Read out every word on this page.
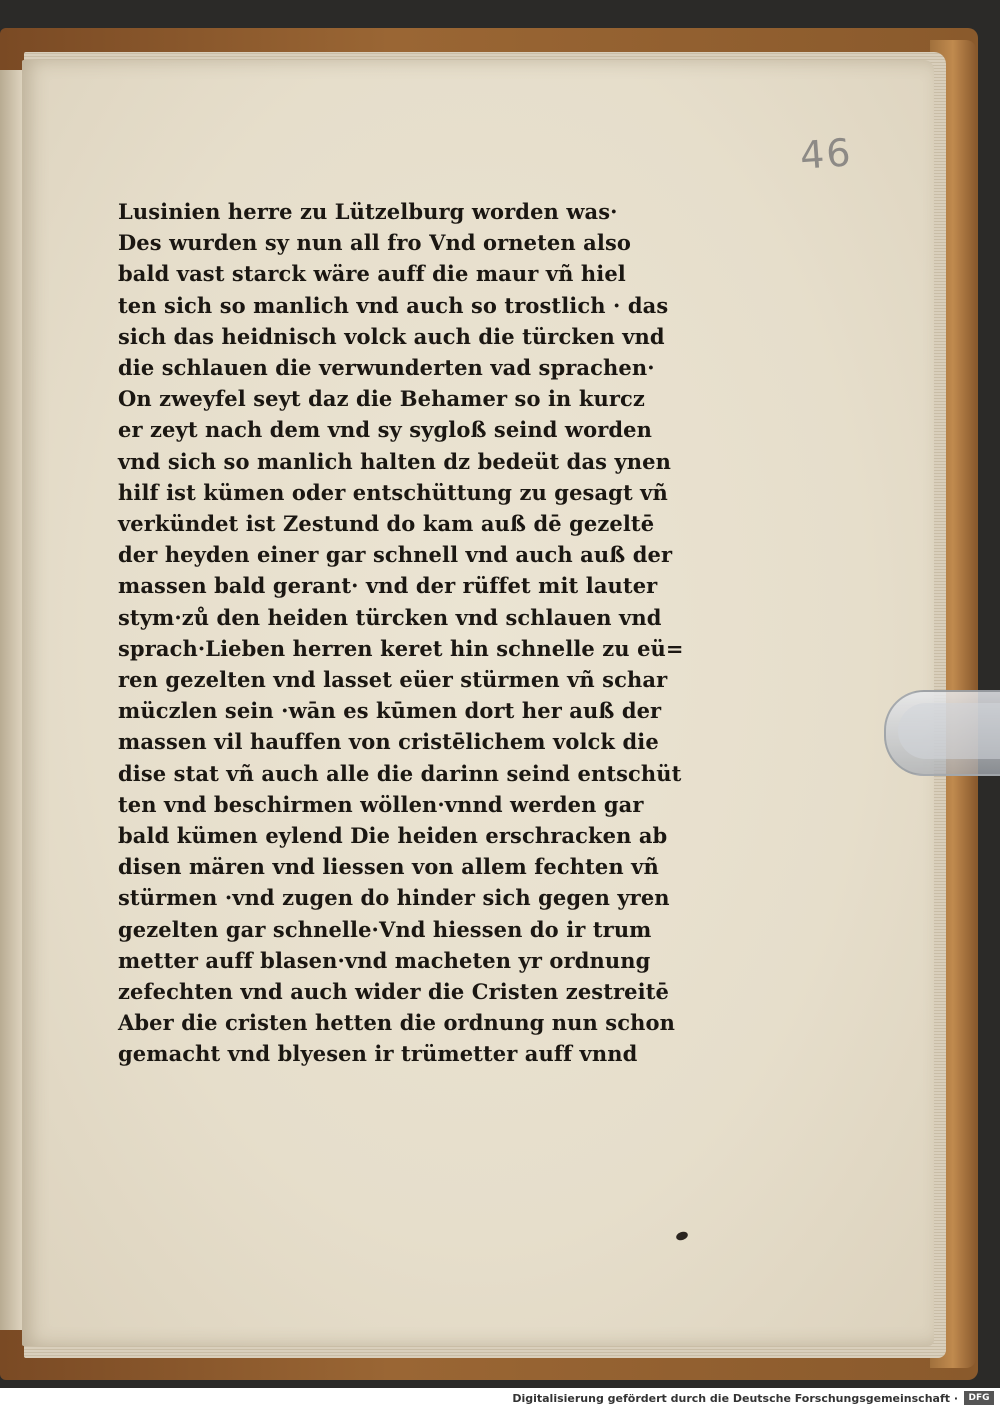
46
Lusinien herre zu Lützelburg worden was·
Des wurden sy nun all fro Vnd orneten also
bald vast starck wäre auff die maur vñ hiel
ten sich so manlich vnd auch so trostlich · das
sich das heidnisch volck auch die türcken vnd
die schlauen die verwunderten vad sprachen·
On zweyfel seyt daz die Behamer so in kurcz
er zeyt nach dem vnd sy sygloß seind worden
vnd sich so manlich halten dz bedeüt das ynen
hilf ist kümen oder entschüttung zu gesagt vñ
verkündet ist Zestund do kam auß dē gezeltē
der heyden einer gar schnell vnd auch auß der
massen bald gerant· vnd der rüffet mit lauter
stym·zů den heiden türcken vnd schlauen vnd
sprach·Lieben herren keret hin schnelle zu eü=
ren gezelten vnd lasset eüer stürmen vñ schar
müczlen sein ·wān es kūmen dort her auß der
massen vil hauffen von cristēlichem volck die
dise stat vñ auch alle die darinn seind entschüt
ten vnd beschirmen wöllen·vnnd werden gar
bald kümen eylend Die heiden erschracken ab
disen mären vnd liessen von allem fechten vñ
stürmen ·vnd zugen do hinder sich gegen yren
gezelten gar schnelle·Vnd hiessen do ir trum
metter auff blasen·vnd macheten yr ordnung
zefechten vnd auch wider die Cristen zestreitē
Aber die cristen hetten die ordnung nun schon
gemacht vnd blyesen ir trümetter auff vnnd
Digitalisierung gefördert durch die Deutsche Forschungsgemeinschaft ·	DFG
